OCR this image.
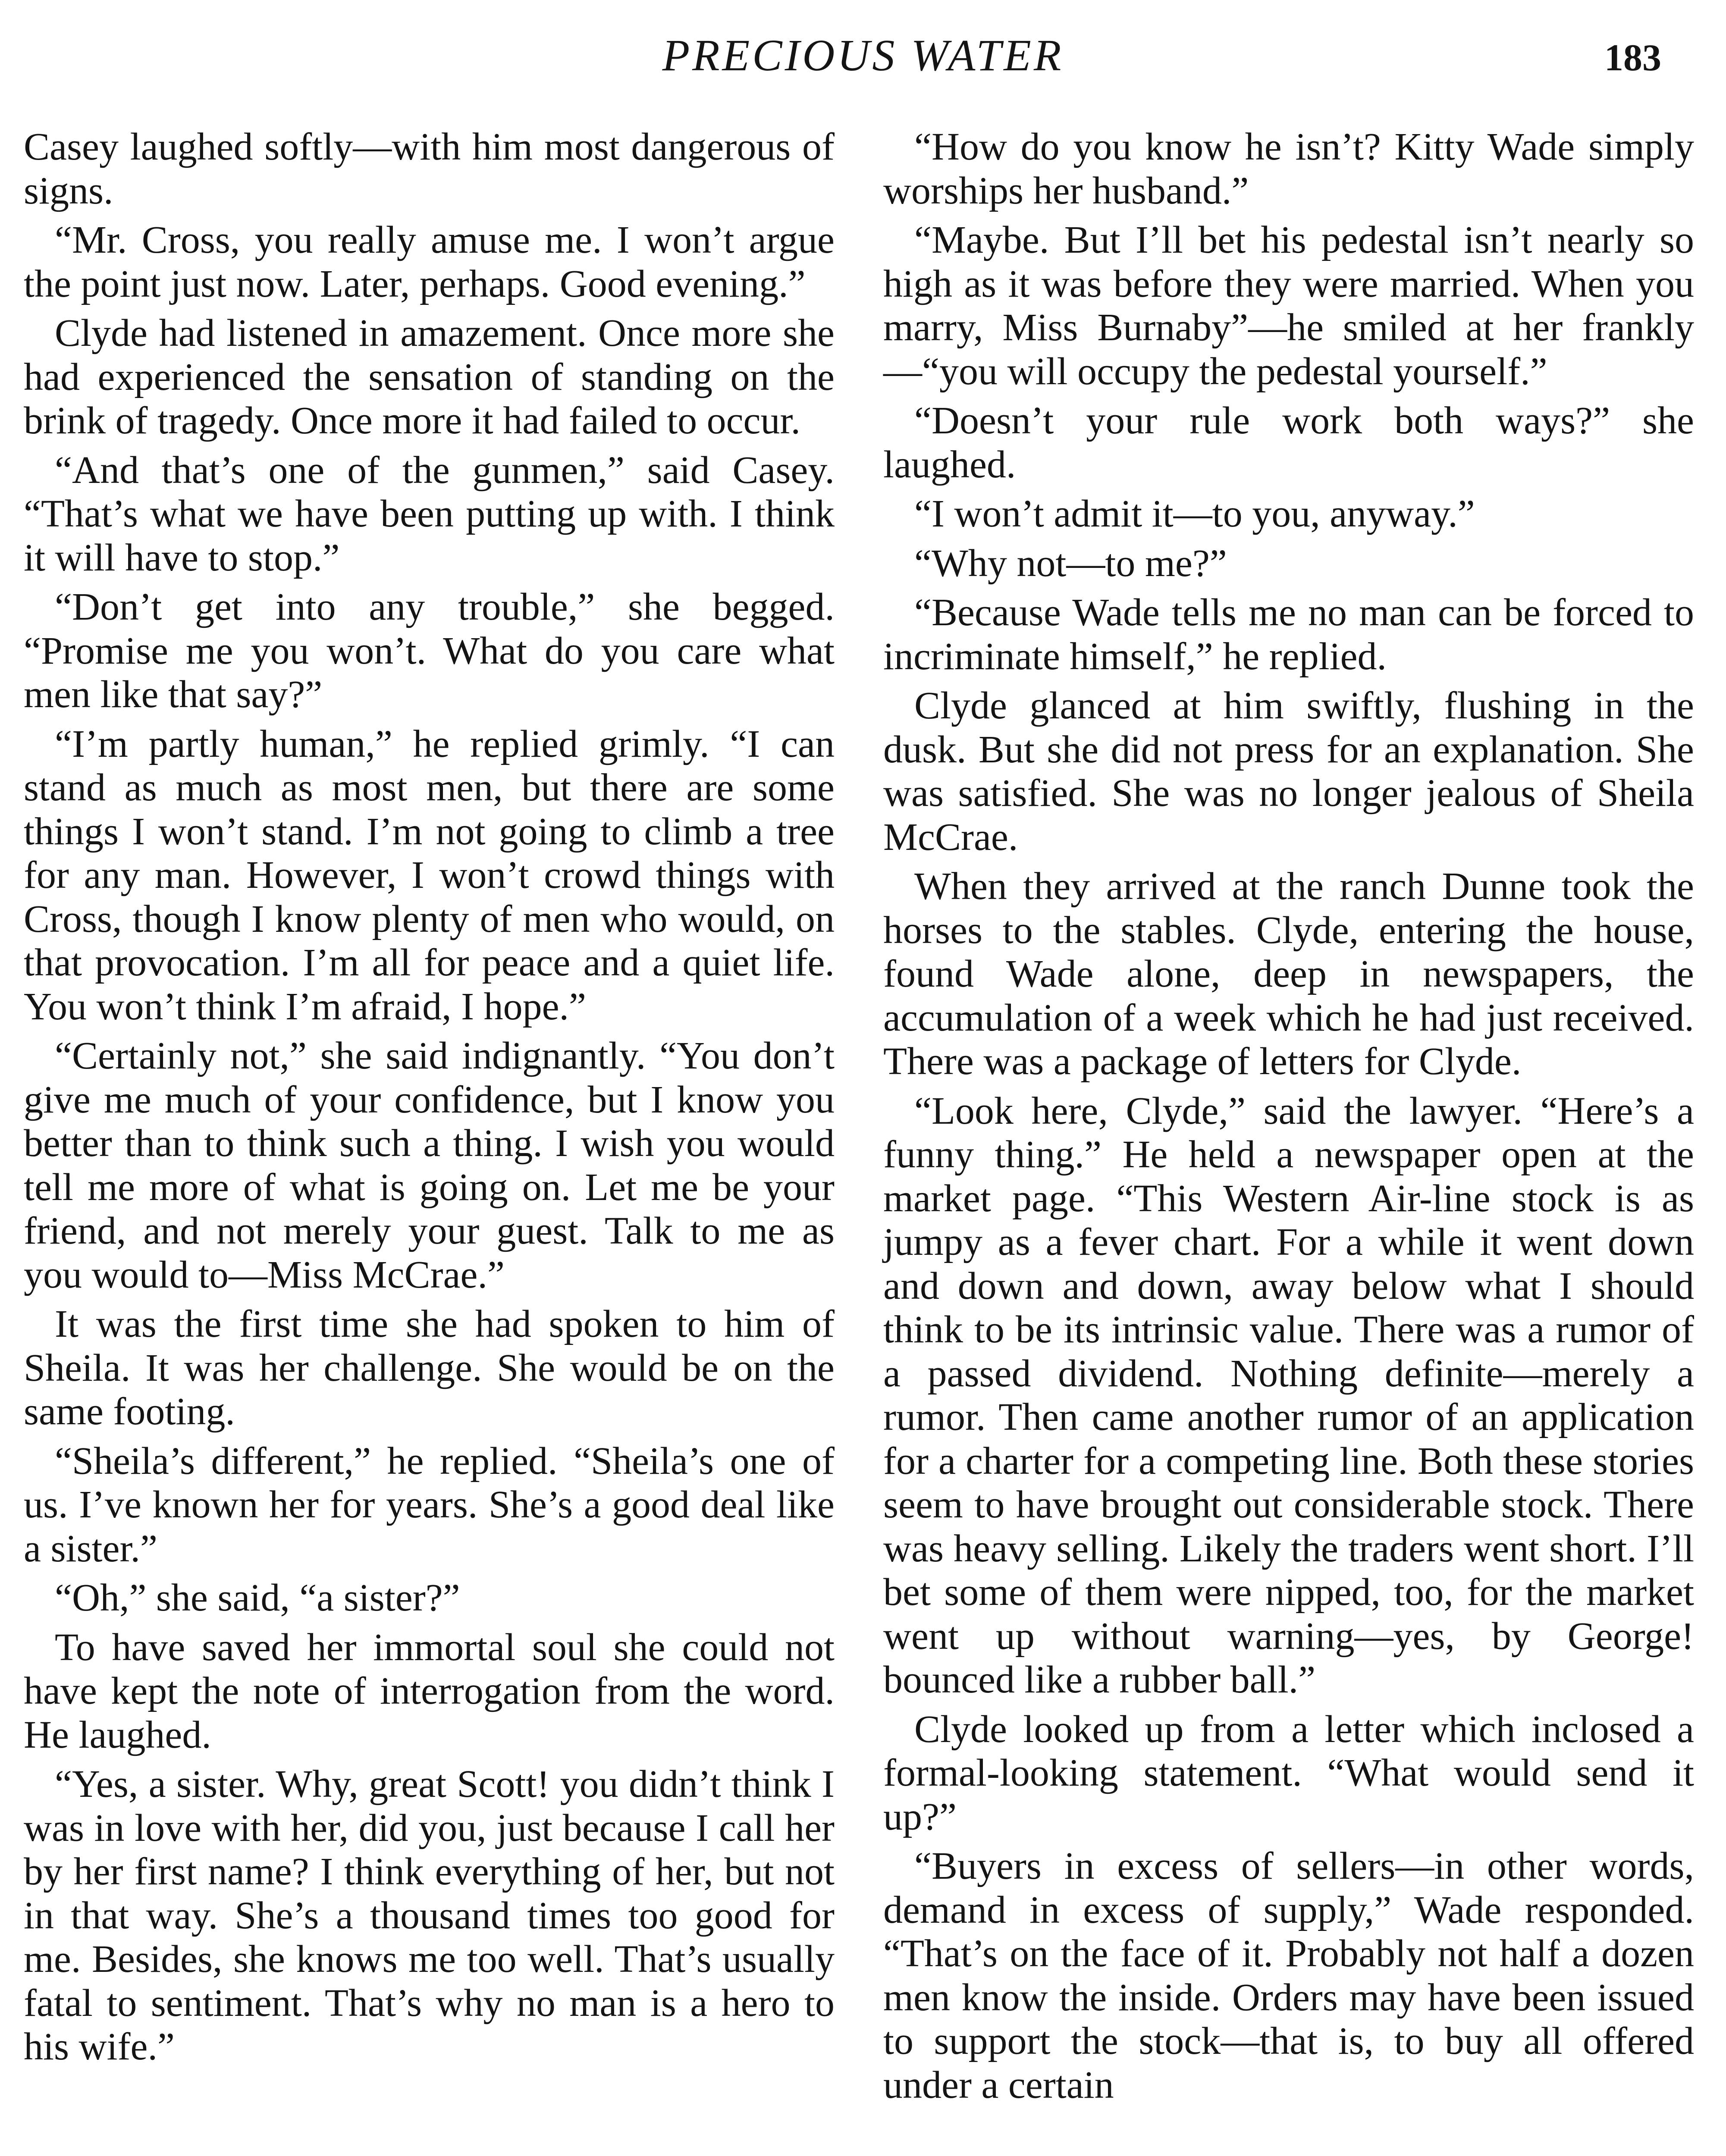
PRECIOUS WATER	183

Casey laughed softly—with him most dangerous of signs.

“Mr. Cross, you really amuse me. I won’t argue the point just now. Later, perhaps. Good evening.”

Clyde had listened in amazement. Once more she had experienced the sensation of standing on the brink of tragedy. Once more it had failed to occur.

“And that’s one of the gunmen,” said Casey. “That’s what we have been putting up with. I think it will have to stop.”

“Don’t get into any trouble,” she begged. “Promise me you won’t. What do you care what men like that say?”

“I’m partly human,” he replied grimly. “I can stand as much as most men, but there are some things I won’t stand. I’m not going to climb a tree for any man. However, I won’t crowd things with Cross, though I know plenty of men who would, on that provocation. I’m all for peace and a quiet life. You won’t think I’m afraid, I hope.”

“Certainly not,” she said indignantly. “You don’t give me much of your confidence, but I know you better than to think such a thing. I wish you would tell me more of what is going on. Let me be your friend, and not merely your guest. Talk to me as you would to—Miss McCrae.”

It was the first time she had spoken to him of Sheila. It was her challenge. She would be on the same footing.

“Sheila’s different,” he replied. “Sheila’s one of us. I’ve known her for years. She’s a good deal like a sister.”

“Oh,” she said, “a sister?”

To have saved her immortal soul she could not have kept the note of interrogation from the word. He laughed.

“Yes, a sister. Why, great Scott! you didn’t think I was in love with her, did you, just because I call her by her first name? I think everything of her, but not in that way. She’s a thousand times too good for me. Besides, she knows me too well. That’s usually fatal to sentiment. That’s why no man is a hero to his wife.”

“How do you know he isn’t? Kitty Wade simply worships her husband.”

“Maybe. But I’ll bet his pedestal isn’t nearly so high as it was before they were married. When you marry, Miss Burnaby”—he smiled at her frankly—“you will occupy the pedestal yourself.”

“Doesn’t your rule work both ways?” she laughed.

“I won’t admit it—to you, anyway.”

“Why not—to me?”

“Because Wade tells me no man can be forced to incriminate himself,” he replied.

Clyde glanced at him swiftly, flushing in the dusk. But she did not press for an explanation. She was satisfied. She was no longer jealous of Sheila McCrae.

When they arrived at the ranch Dunne took the horses to the stables. Clyde, entering the house, found Wade alone, deep in newspapers, the accumulation of a week which he had just received. There was a package of letters for Clyde.

“Look here, Clyde,” said the lawyer. “Here’s a funny thing.” He held a newspaper open at the market page. “This Western Air-line stock is as jumpy as a fever chart. For a while it went down and down and down, away below what I should think to be its intrinsic value. There was a rumor of a passed dividend. Nothing definite—merely a rumor. Then came another rumor of an application for a charter for a competing line. Both these stories seem to have brought out considerable stock. There was heavy selling. Likely the traders went short. I’ll bet some of them were nipped, too, for the market went up without warning—yes, by George! bounced like a rubber ball.”

Clyde looked up from a letter which inclosed a formal-looking statement. “What would send it up?”

“Buyers in excess of sellers—in other words, demand in excess of supply,” Wade responded. “That’s on the face of it. Probably not half a dozen men know the inside. Orders may have been issued to support the stock—that is, to buy all offered under a certain
